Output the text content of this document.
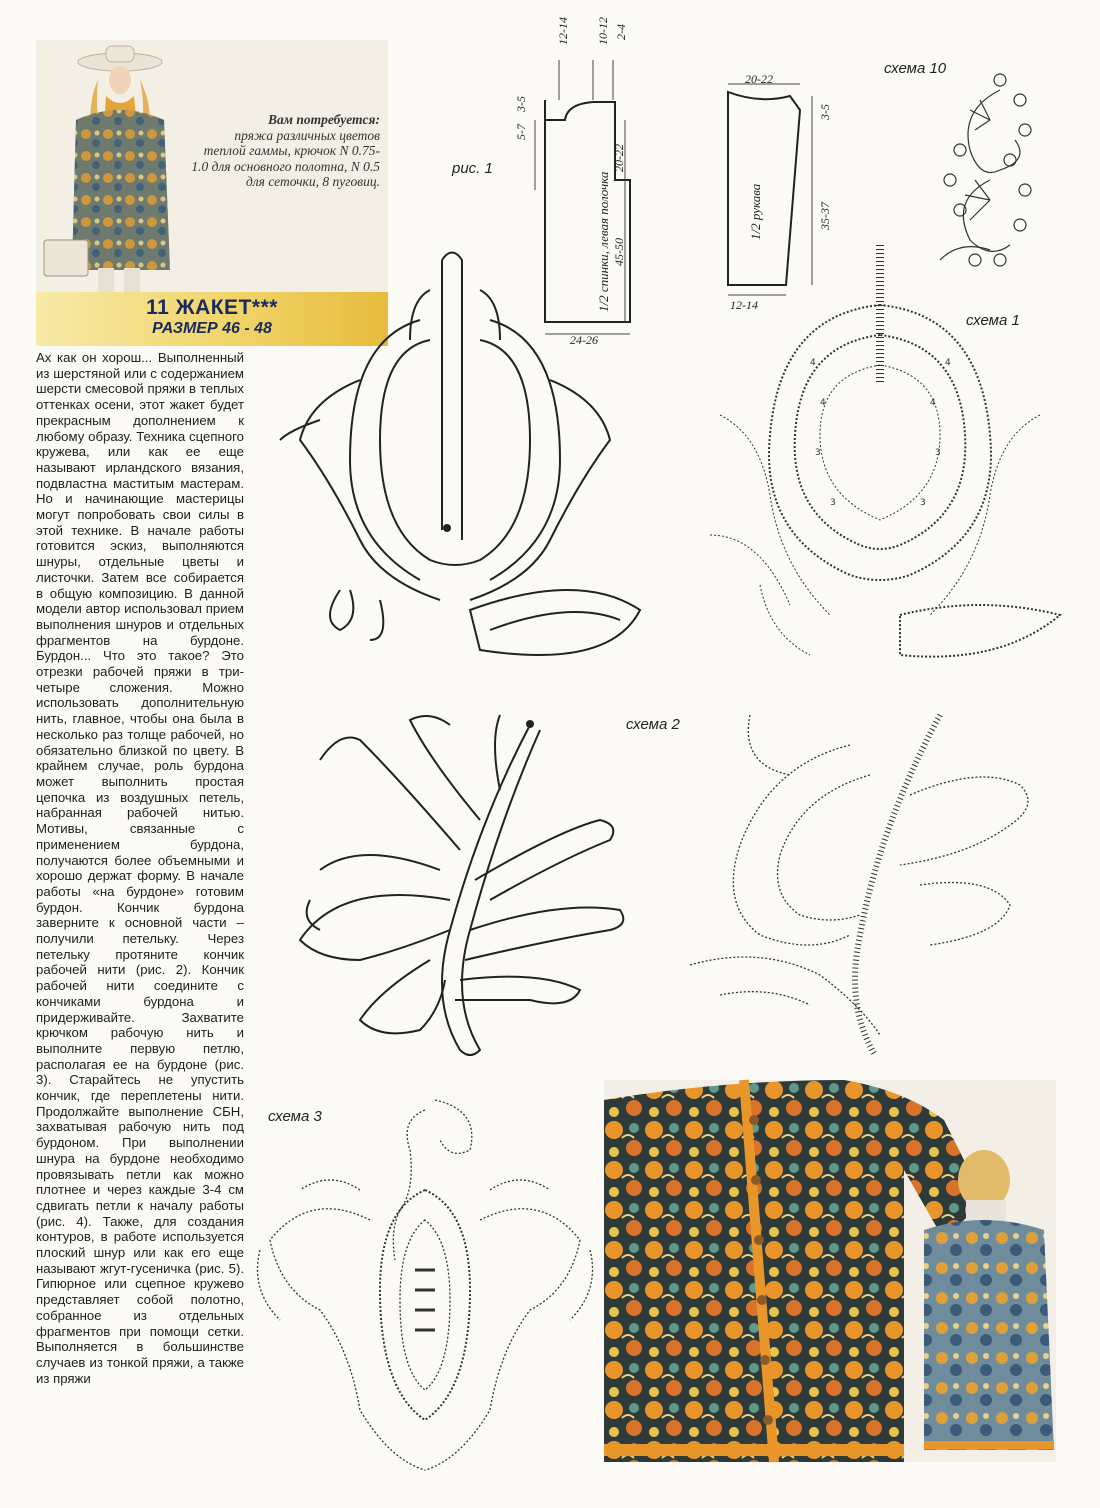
Вам потребуется:
пряжа различных цветов теплой гаммы, крючок N 0.75-1.0 для основного полотна, N 0.5 для сеточки, 8 пуговиц.
11 ЖАКЕТ***
РАЗМЕР 46 - 48
Ах как он хорош... Выполненный из шерстяной или с содержанием шерсти смесовой пряжи в теплых оттенках осени, этот жакет будет прекрасным дополнением к любому образу. Техника сцепного кружева, или как ее еще называют ирландского вязания, подвластна маститым мастерам. Но и начинающие мастерицы могут попробовать свои силы в этой технике. В начале работы готовится эскиз, выполняются шнуры, отдельные цветы и листочки. Затем все собирается в общую композицию. В данной модели автор использовал прием выполнения шнуров и отдельных фрагментов на бурдоне. Бурдон... Что это такое? Это отрезки рабочей пряжи в три-четыре сложения. Можно использовать дополнительную нить, главное, чтобы она была в несколько раз толще рабочей, но обязательно близкой по цвету. В крайнем случае, роль бурдона может выполнить простая цепочка из воздушных петель, набранная рабочей нитью. Мотивы, связанные с применением бурдона, получаются более объемными и хорошо держат форму. В начале работы «на бурдоне» готовим бурдон. Кончик бурдона заверните к основной части – получили петельку. Через петельку протяните кончик рабочей нити (рис. 2). Кончик рабочей нити соедините с кончиками бурдона и придерживайте. Захватите крючком рабочую нить и выполните первую петлю, располагая ее на бурдоне (рис. 3). Старайтесь не упустить кончик, где переплетены нити. Продолжайте выполнение СБН, захватывая рабочую нить под бурдоном. При выполнении шнура на бурдоне необходимо провязывать петли как можно плотнее и через каждые 3-4 см сдвигать петли к началу работы (рис. 4). Также, для создания контуров, в работе используется плоский шнур или как его еще называют жгут-гусеничка (рис. 5). Гипюрное или сцепное кружево представляет собой полотно, собранное из отдельных фрагментов при помощи сетки. Выполняется в большинстве случаев из тонкой пряжи, а также из пряжи
рис. 1
12-14 10-12 2-4
5-7
3-5
20-22
45-50
24-26
1/2 спинки, левая полочка
20-22
3-5
35-37
12-14
1/2 рукава
схема 10
схема 1
схема 2
схема 3
4	4
3	3
3	3
4	4
